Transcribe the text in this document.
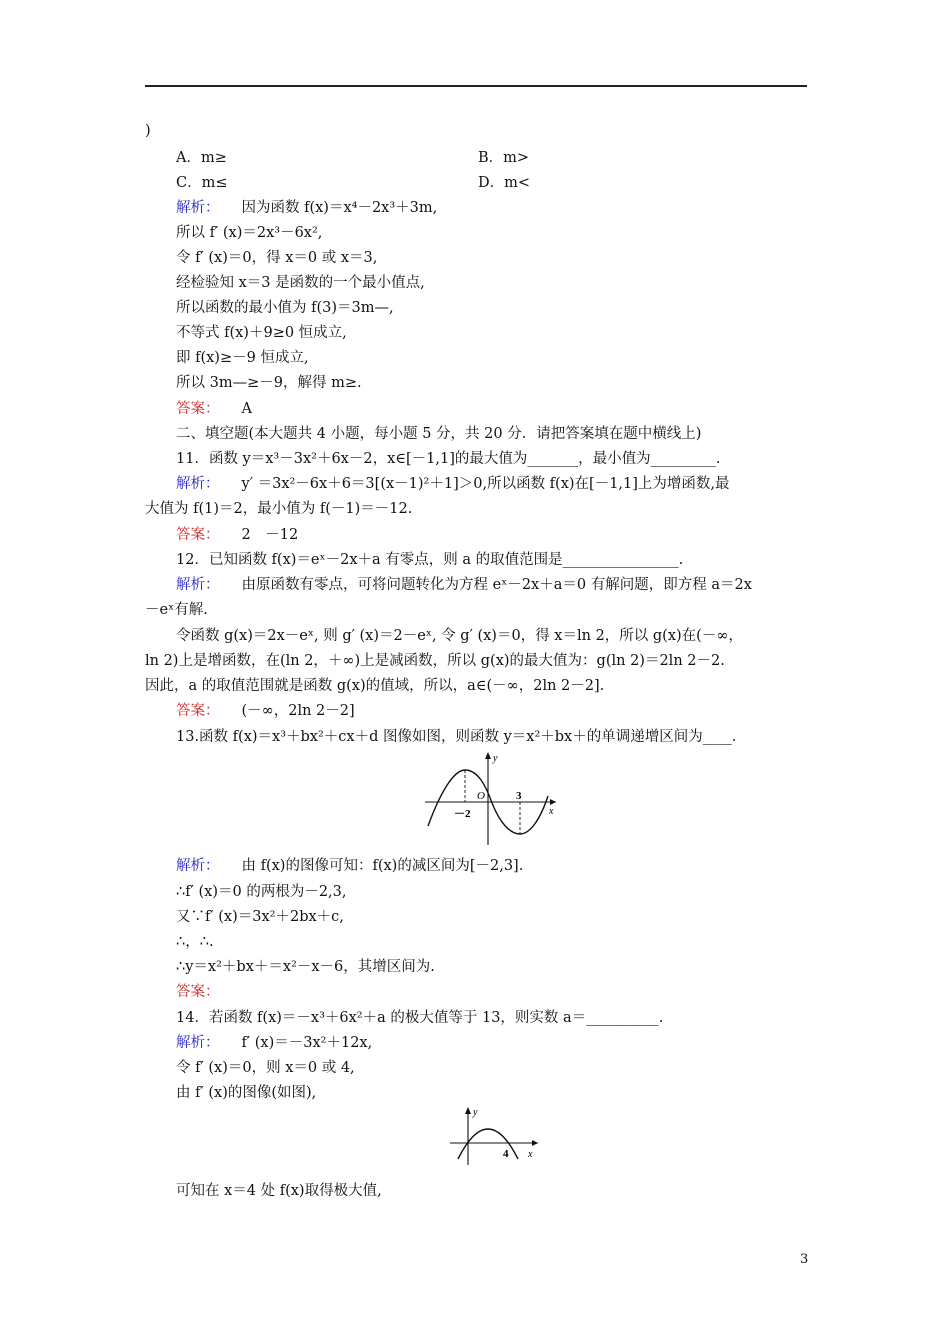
)
A．m≥	B．m>
C．m≤	D．m<
解析： 因为函数 f(x)＝x⁴－2x³＋3m,
所以 f′ (x)＝2x³－6x²,
令 f′ (x)＝0，得 x＝0 或 x＝3,
经检验知 x＝3 是函数的一个最小值点,
所以函数的最小值为 f(3)＝3m—,
不等式 f(x)＋9≥0 恒成立,
即 f(x)≥－9 恒成立,
所以 3m—≥－9，解得 m≥.
答案： A
二、填空题(本大题共 4 小题，每小题 5 分，共 20 分．请把答案填在题中横线上)
11．函数 y＝x³－3x²＋6x－2，x∈[－1,1]的最大值为_______，最小值为_________.
解析： y′ ＝3x²－6x＋6＝3[(x－1)²＋1]＞0,所以函数 f(x)在[－1,1]上为增函数,最
大值为 f(1)＝2，最小值为 f(－1)＝－12.
答案： 2　－12
12．已知函数 f(x)＝eˣ－2x＋a 有零点，则 a 的取值范围是________________.
解析： 由原函数有零点，可将问题转化为方程 eˣ－2x＋a＝0 有解问题，即方程 a＝2x
－eˣ有解.
令函数 g(x)＝2x－eˣ, 则 g′ (x)＝2－eˣ, 令 g′ (x)＝0，得 x＝ln 2，所以 g(x)在(－∞，
ln 2)上是增函数，在(ln 2，＋∞)上是减函数，所以 g(x)的最大值为：g(ln 2)＝2ln 2－2.
因此，a 的取值范围就是函数 g(x)的值域，所以，a∈(－∞，2ln 2－2].
答案： (－∞，2ln 2－2]
13.函数 f(x)＝x³＋bx²＋cx＋d 图像如图，则函数 y＝x²＋bx＋的单调递增区间为____.
y
O	3
－2	x
解析： 由 f(x)的图像可知：f(x)的减区间为[－2,3].
∴f′ (x)＝0 的两根为－2,3,
又∵f′ (x)＝3x²＋2bx＋c,
∴，∴.
∴y＝x²＋bx＋＝x²－x－6，其增区间为.
答案：
14．若函数 f(x)＝－x³＋6x²＋a 的极大值等于 13，则实数 a＝__________.
解析： f′ (x)＝－3x²＋12x,
令 f′ (x)＝0，则 x＝0 或 4,
由 f′ (x)的图像(如图),
y
4 x
可知在 x＝4 处 f(x)取得极大值,
3
